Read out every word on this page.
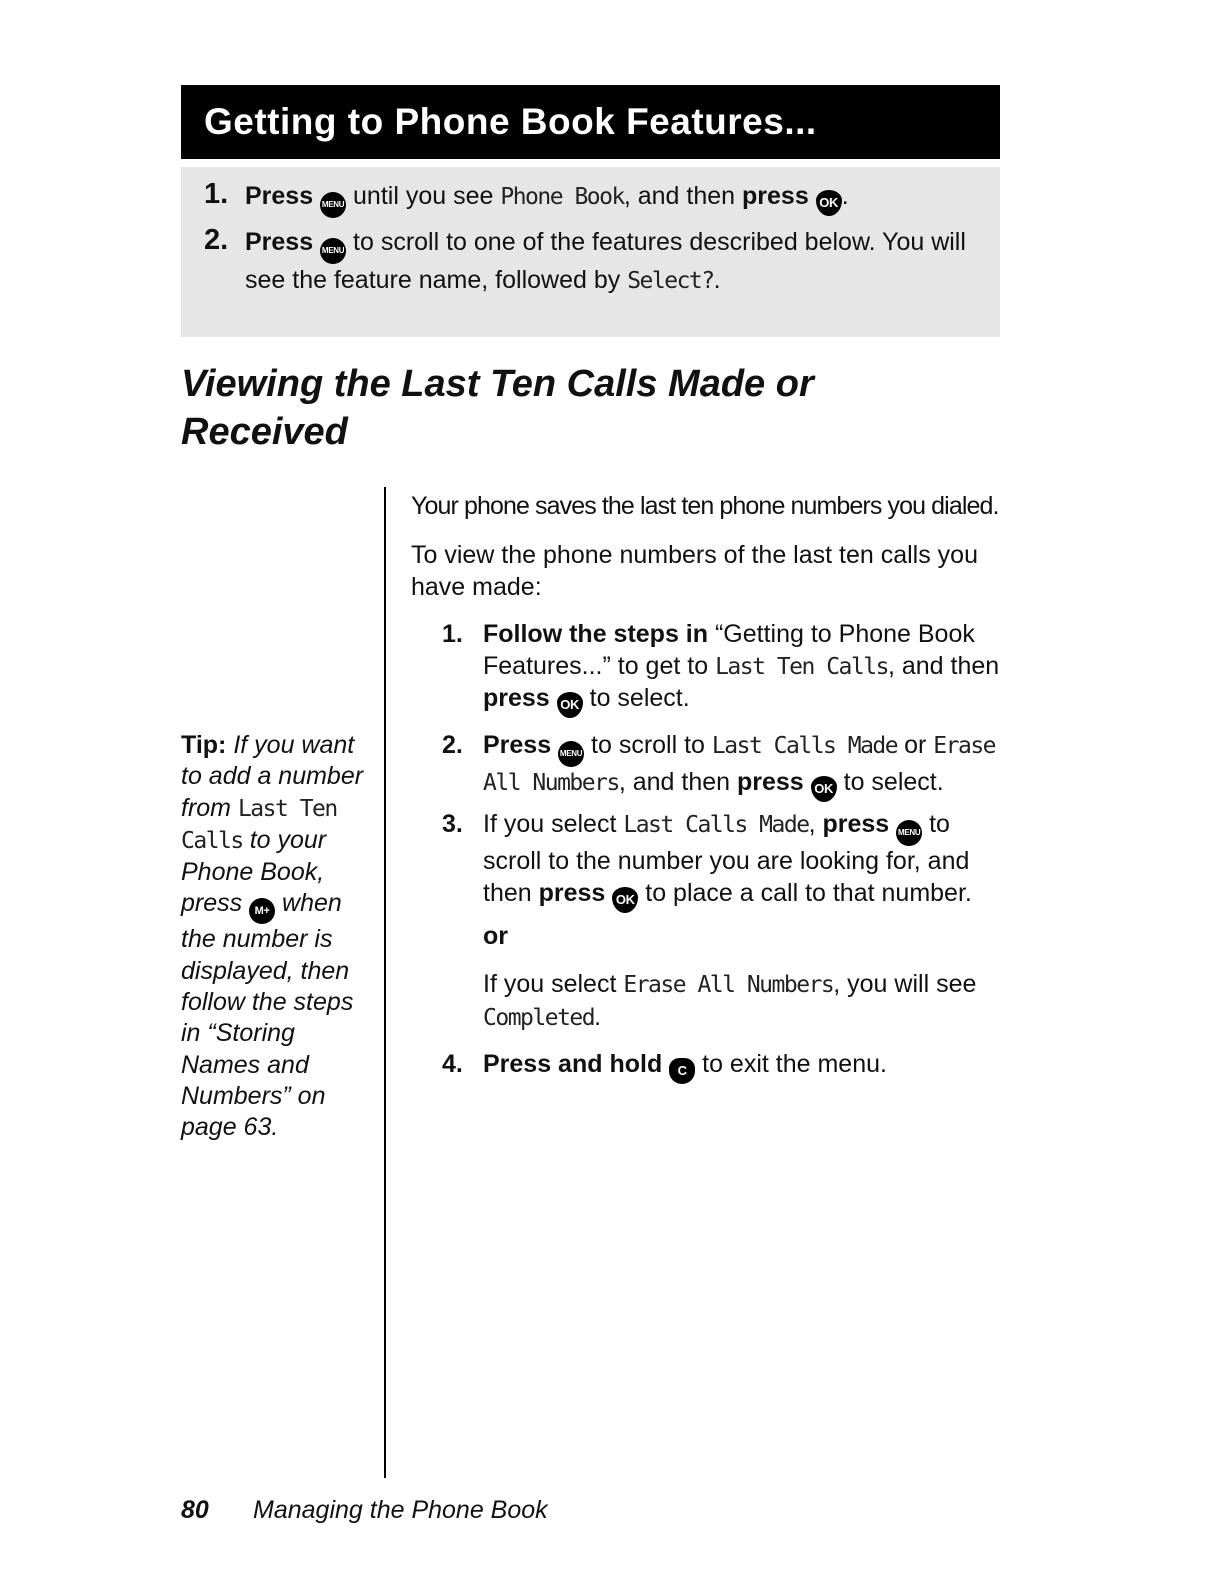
Getting to Phone Book Features...
1. Press MENU until you see Phone Book, and then press OK .
2. Press MENU to scroll to one of the features described below. You will see the feature name, followed by Select?.
Viewing the Last Ten Calls Made or Received
Tip: If you want to add a number from Last Ten Calls to your Phone Book, press M+ when the number is displayed, then follow the steps in “Storing Names and Numbers” on page 63.
Your phone saves the last ten phone numbers you dialed.
To view the phone numbers of the last ten calls you have made:
1. Follow the steps in “Getting to Phone Book Features...” to get to Last Ten Calls, and then press OK to select.
2. Press MENU to scroll to Last Calls Made or Erase All Numbers, and then press OK to select.
3. If you select Last Calls Made, press MENU to scroll to the number you are looking for, and then press OK to place a call to that number.
or
If you select Erase All Numbers, you will see Completed.
4. Press and hold C to exit the menu.
80 Managing the Phone Book
